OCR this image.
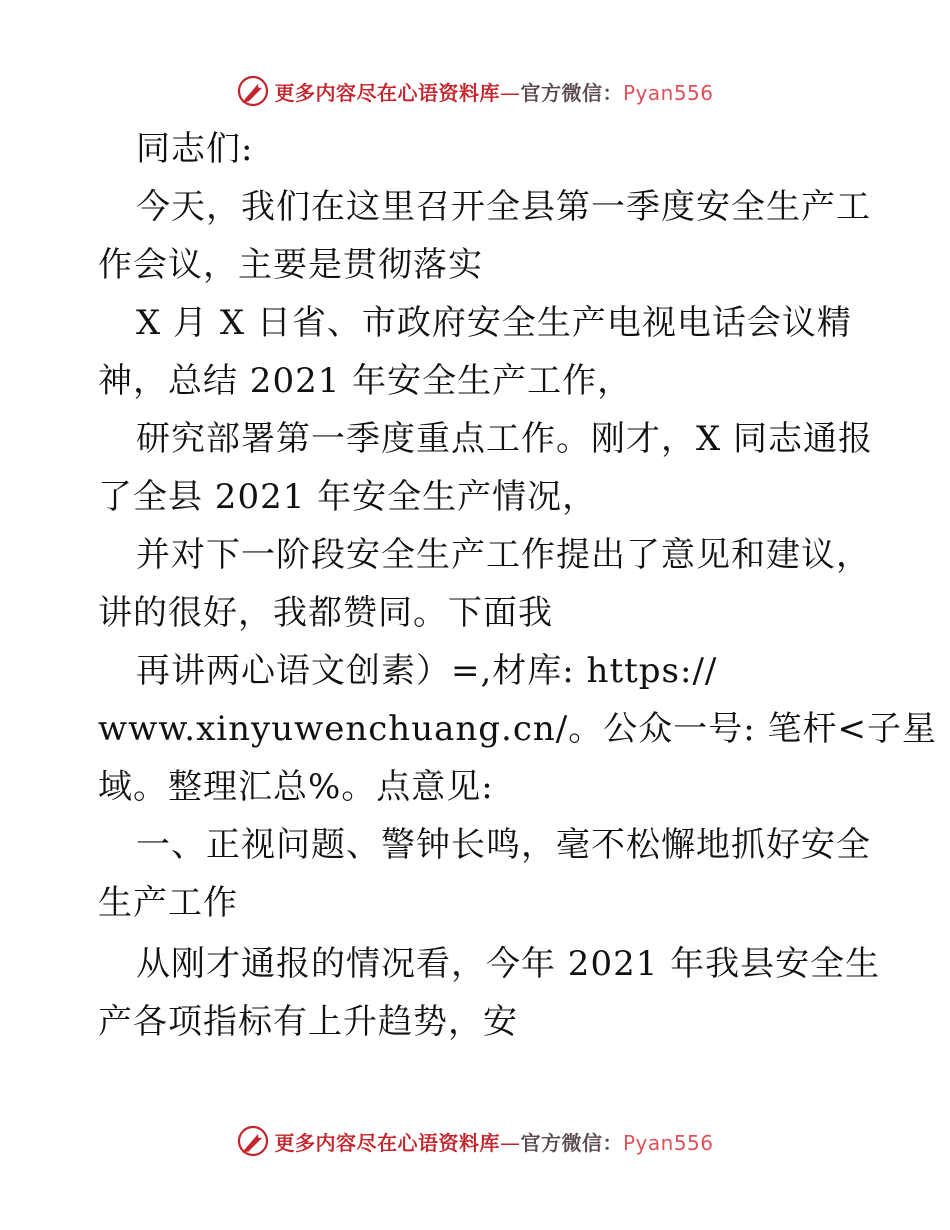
更多内容尽在心语资料库—官方微信：Pyan556
同志们:
今天，我们在这里召开全县第一季度安全生产工
作会议，主要是贯彻落实
X 月 X 日省、市政府安全生产电视电话会议精
神，总结 2021 年安全生产工作，
研究部署第一季度重点工作。刚才，X 同志通报
了全县 2021 年安全生产情况，
并对下一阶段安全生产工作提出了意见和建议，
讲的很好，我都赞同。下面我
再讲两心语文创素）=,材库: https://
www.xinyuwenchuang.cn/。公众一号: 笔杆<子星
域。整理汇总%。点意见:
一、正视问题、警钟长鸣，毫不松懈地抓好安全
生产工作
从刚才通报的情况看，今年 2021 年我县安全生
产各项指标有上升趋势，安
更多内容尽在心语资料库—官方微信：Pyan556
